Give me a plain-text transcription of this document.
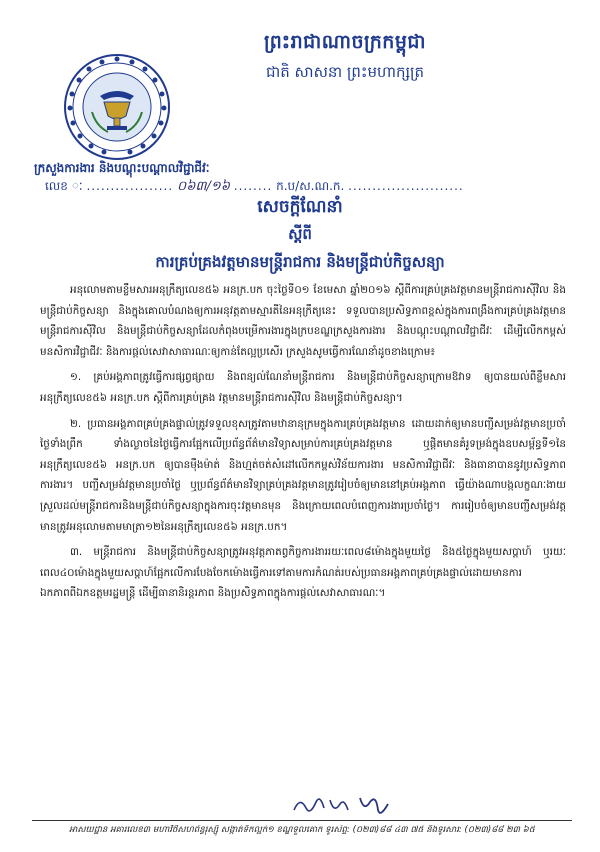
ព្រះរាជាណាចក្រកម្ពុជា
ជាតិ សាសនា ព្រះមហាក្សត្រ
ក្រសួងការងារ និងបណ្តុះបណ្តាលវិជ្ជាជីវៈ
លេខ ៈ .................. ០៦៣/១៦ ........ ក.ប/ស.ណ.ក. ........................
សេចក្តីណែនាំ
ស្តីពី
ការគ្រប់គ្រងវត្តមានមន្ត្រីរាជការ និងមន្ត្រីជាប់កិច្ចសន្យា

អនុលោមតាមខ្លឹមសារអនុក្រឹត្យលេខ៥៦ អនក្រ.បក ចុះថ្ងៃទី០១ ខែមេសា ឆ្នាំ២០១៦ ស្តីពីការគ្រប់គ្រងវត្តមានមន្ត្រីរាជការស៊ីវិល និងមន្ត្រីជាប់កិច្ចសន្យា និងក្នុងគោលបំណងឲ្យការអនុវត្តតាមស្មារតីនៃអនុក្រឹត្យនេះ ទទួលបានប្រសិទ្ធភាពខ្ពស់ក្នុងការពង្រឹងការគ្រប់គ្រងវត្តមានមន្ត្រីរាជការស៊ីវិល និងមន្ត្រីជាប់កិច្ចសន្យាដែលកំពុងបម្រើការងារក្នុងក្របខណ្ឌក្រសួងការងារ និងបណ្តុះបណ្តាលវិជ្ជាជីវៈ ដើម្បីលើកកម្ពស់មនសិការវិជ្ជាជីវៈ និងការផ្តល់សេវាសាធារណៈឲ្យកាន់តែល្អប្រសើរ ក្រសួងសូមធ្វើការណែនាំដូចខាងក្រោម៖

១. គ្រប់អង្គភាពត្រូវធ្វើការផ្សព្វផ្សាយ និងពន្យល់ណែនាំមន្ត្រីរាជការ និងមន្ត្រីជាប់កិច្ចសន្យាក្រោមឱវាទ ឲ្យបានយល់ពីខ្លឹមសារអនុក្រឹត្យលេខ៥៦ អនក្រ.បក ស្តីពីការគ្រប់គ្រង វត្តមានមន្ត្រីរាជការស៊ីវិល និងមន្ត្រីជាប់កិច្ចសន្យា។

២. ប្រធានអង្គភាពគ្រប់គ្រងផ្ទាល់ត្រូវទទួលខុសត្រូវតាមឋានានុក្រមក្នុងការគ្រប់គ្រងវត្តមាន ដោយដាក់ឲ្យមានបញ្ជីសម្រង់វត្តមានប្រចាំថ្ងៃទាំងព្រឹក ទាំងល្ងាចនៃថ្ងៃធ្វើការផ្អែកលើប្រព័ន្ធព័ត៌មានវិទ្យាសម្រាប់ការគ្រប់គ្រងវត្តមាន ឬផ្តិតមានគំរូទម្រង់ក្នុងឧបសម្ព័ន្ធទី១នៃអនុក្រឹត្យលេខ៥៦ អនក្រ.បក ឲ្យបានម៉ឺងម៉ាត់ និងហ្មត់ចត់សំដៅលើកកម្ពស់វិន័យការងារ មនសិការវិជ្ជាជីវៈ និងធានាបាននូវប្រសិទ្ធភាពការងារ។ បញ្ជីសម្រង់វត្តមានប្រចាំថ្ងៃ ឬប្រព័ន្ធព័ត៌មានវិទ្យាគ្រប់គ្រងវត្តមានត្រូវរៀបចំឲ្យមាននៅគ្រប់អង្គភាព ធ្វើយ៉ាងណាបង្កលក្ខណៈងាយស្រួលដល់មន្ត្រីរាជការនិងមន្ត្រីជាប់កិច្ចសន្យាក្នុងការចុះវត្តមានមុន និងក្រោយពេលបំពេញការងារប្រចាំថ្ងៃ។ ការរៀបចំឲ្យមានបញ្ជីសម្រង់វត្តមានត្រូវអនុលោមតាមមាត្រា១២នៃអនុក្រឹត្យលេខ៥៦ អនក្រ.បក។

៣. មន្ត្រីរាជការ និងមន្ត្រីជាប់កិច្ចសន្យាត្រូវអនុវត្តភាតព្វកិច្ចការងាររយៈពេល៨ម៉ោងក្នុងមួយថ្ងៃ និង៥ថ្ងៃក្នុងមួយសប្តាហ៍ ឬរយៈពេល៤០ម៉ោងក្នុងមួយសប្តាហ៍ផ្អែកលើការបែងចែកម៉ោងធ្វើការទៅតាមការកំណត់របស់ប្រធានអង្គភាពគ្រប់គ្រងផ្ទាល់ដោយមានការឯកភាពពីឯកឧត្តមរដ្ឋមន្ត្រី ដើម្បីធានានិរន្តរភាព និងប្រសិទ្ធភាពក្នុងការផ្តល់សេវាសាធារណៈ។

អាសយដ្ឋាន អគារលេខ៣ មហាវិថីសហព័ន្ធរុស្ស៊ី សង្កាត់ទឹកល្អក់១ ខណ្ឌទួលគោក ទូរស័ព្ទ: (០២៣)៨៨ ៤៣ ៧៥ និងទូរសារ: (០២៣)៨៨ ២៣ ៦៥
